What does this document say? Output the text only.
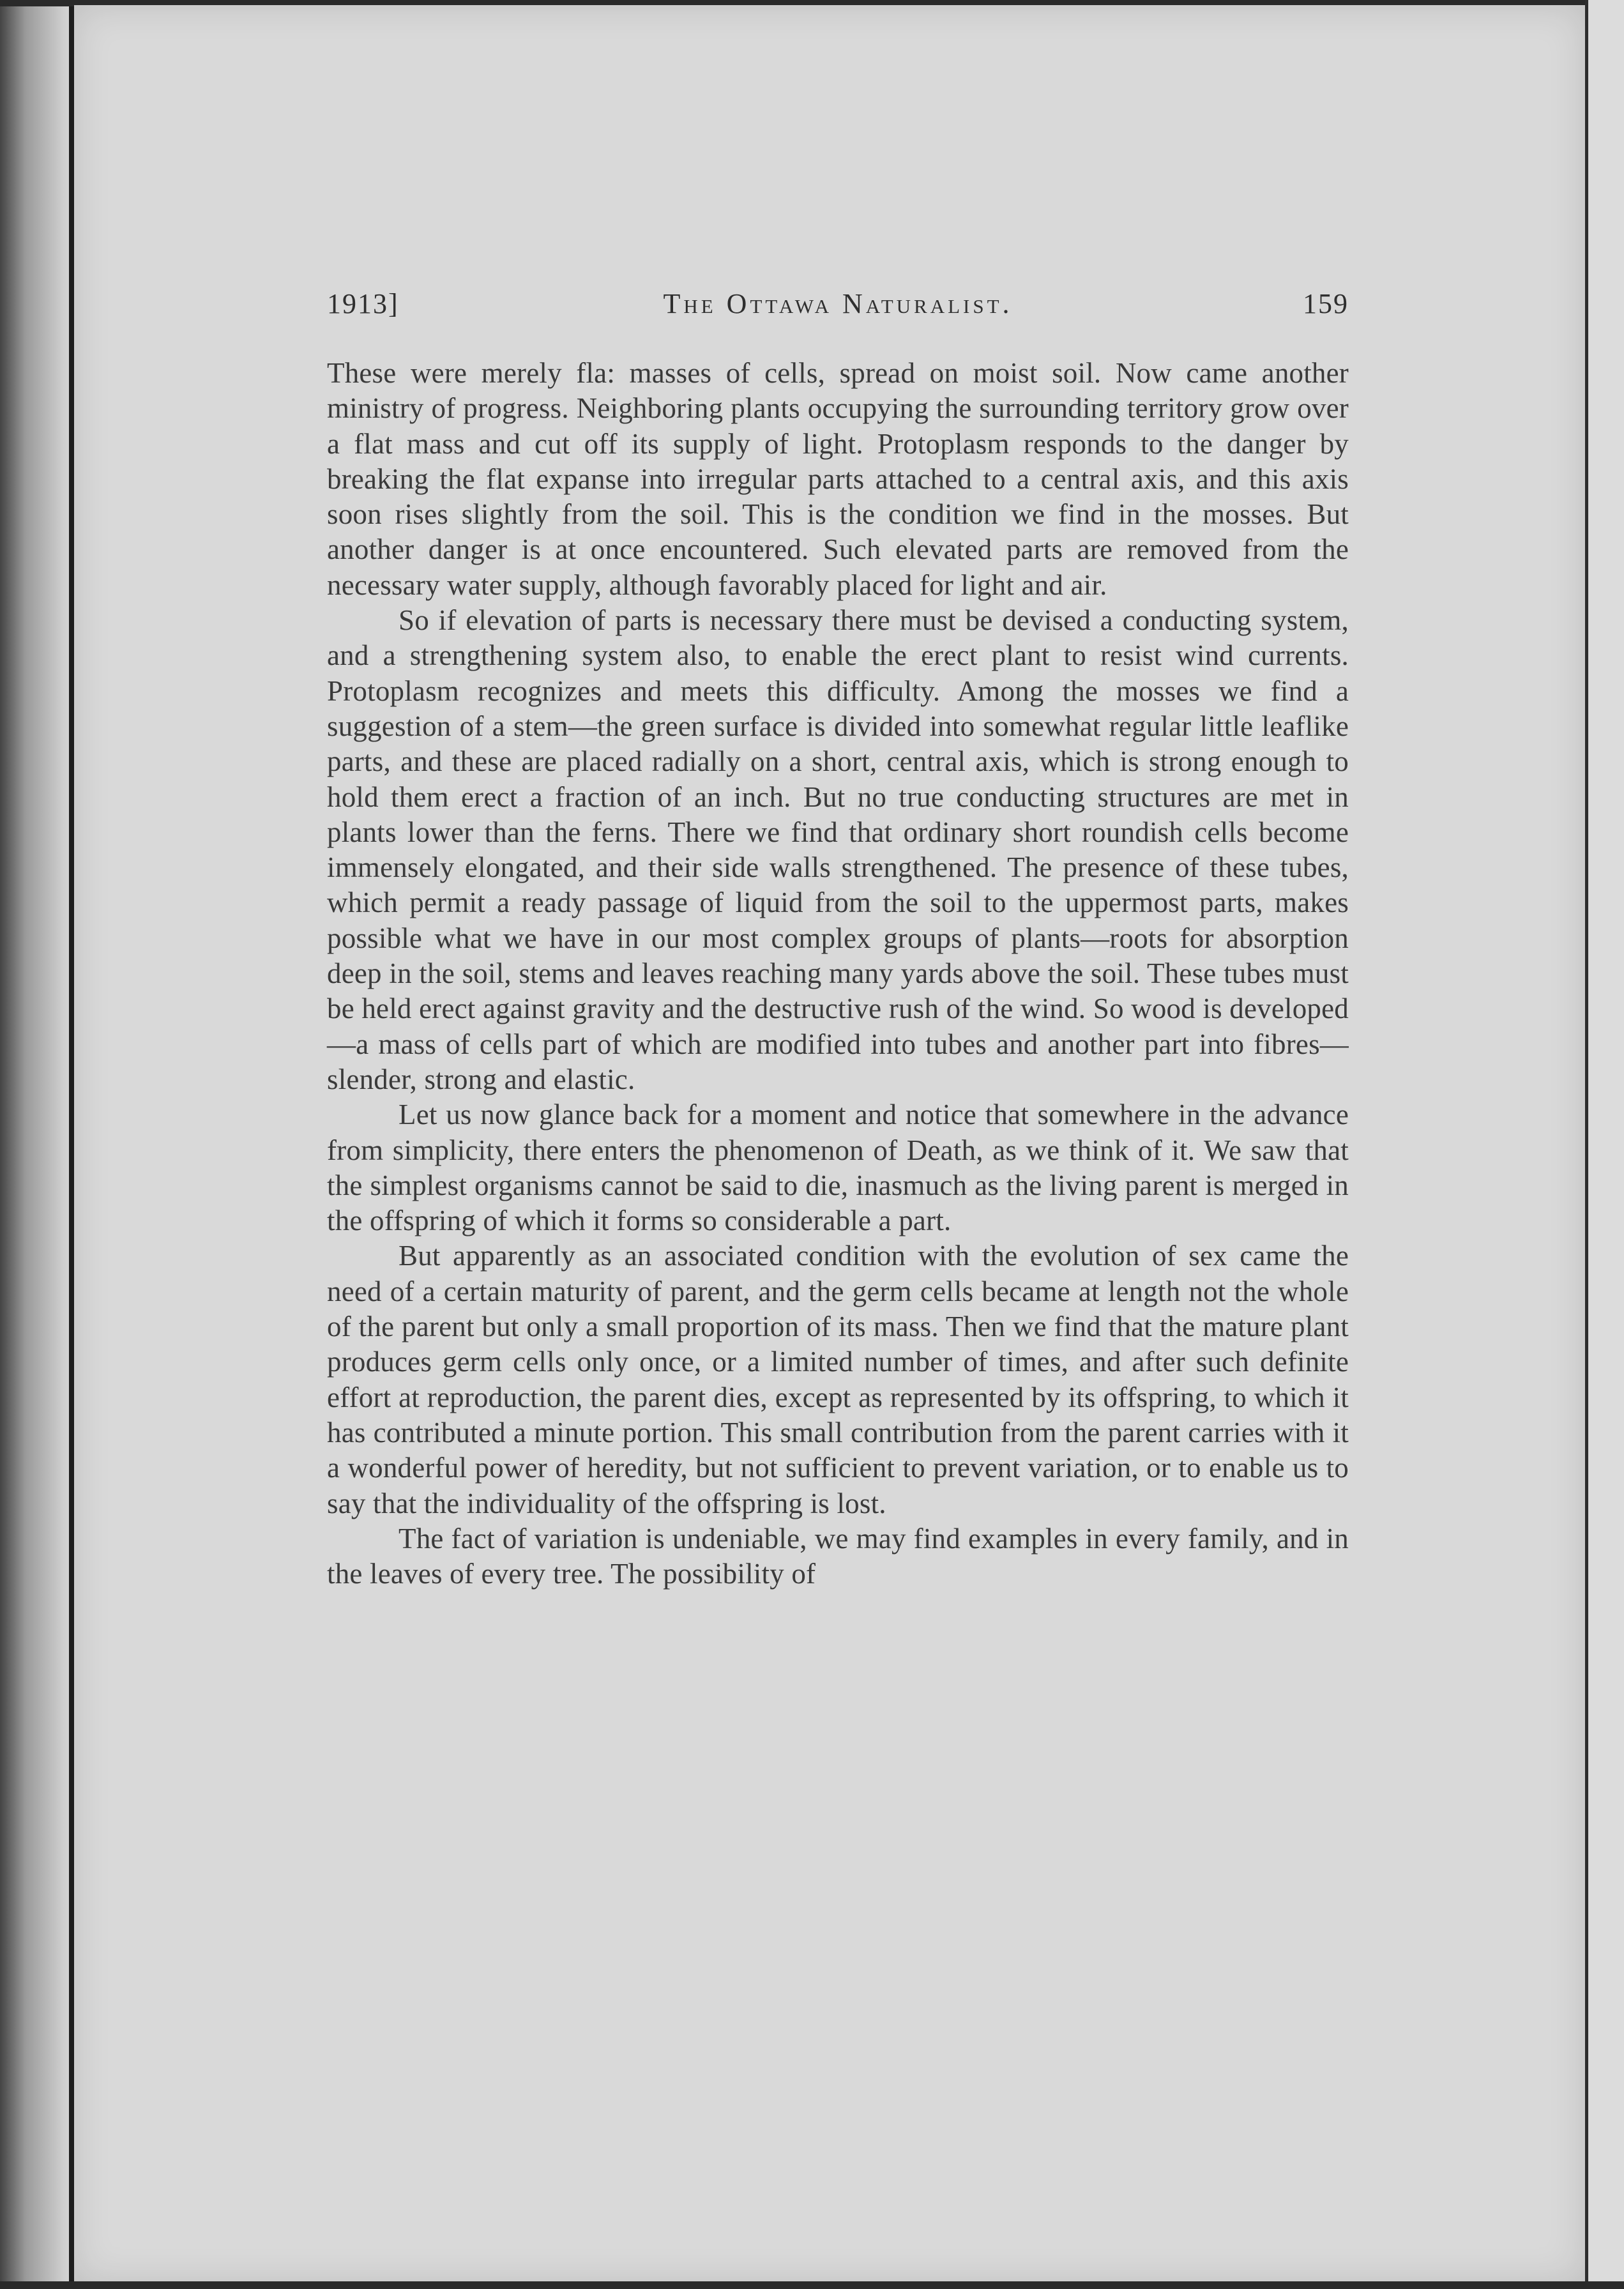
1913]	The Ottawa Naturalist.	159

These were merely fla: masses of cells, spread on moist soil. Now came another ministry of progress. Neighboring plants occupying the surrounding territory grow over a flat mass and cut off its supply of light. Protoplasm responds to the danger by breaking the flat expanse into irregular parts attached to a central axis, and this axis soon rises slightly from the soil. This is the condition we find in the mosses. But another danger is at once encountered. Such elevated parts are removed from the necessary water supply, although favorably placed for light and air.

So if elevation of parts is necessary there must be devised a conducting system, and a strengthening system also, to enable the erect plant to resist wind currents. Protoplasm recognizes and meets this difficulty. Among the mosses we find a suggestion of a stem—the green surface is divided into somewhat regular little leaflike parts, and these are placed radially on a short, central axis, which is strong enough to hold them erect a fraction of an inch. But no true conducting structures are met in plants lower than the ferns. There we find that ordinary short roundish cells become immensely elongated, and their side walls strengthened. The presence of these tubes, which permit a ready passage of liquid from the soil to the uppermost parts, makes possible what we have in our most complex groups of plants—roots for absorption deep in the soil, stems and leaves reaching many yards above the soil. These tubes must be held erect against gravity and the destructive rush of the wind. So wood is developed—a mass of cells part of which are modified into tubes and another part into fibres—slender, strong and elastic.

Let us now glance back for a moment and notice that somewhere in the advance from simplicity, there enters the phenomenon of Death, as we think of it. We saw that the simplest organisms cannot be said to die, inasmuch as the living parent is merged in the offspring of which it forms so considerable a part.

But apparently as an associated condition with the evolution of sex came the need of a certain maturity of parent, and the germ cells became at length not the whole of the parent but only a small proportion of its mass. Then we find that the mature plant produces germ cells only once, or a limited number of times, and after such definite effort at reproduction, the parent dies, except as represented by its offspring, to which it has contributed a minute portion. This small contribution from the parent carries with it a wonderful power of heredity, but not sufficient to prevent variation, or to enable us to say that the individuality of the offspring is lost.

The fact of variation is undeniable, we may find examples in every family, and in the leaves of every tree. The possibility of
